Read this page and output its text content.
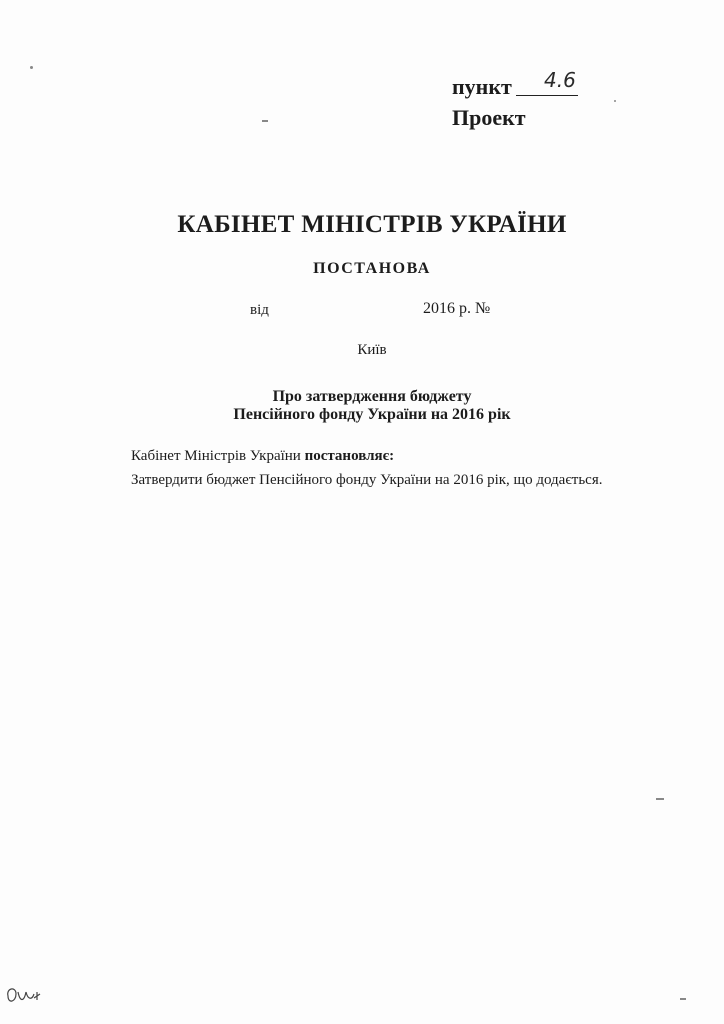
пункт	4.6
Проект
КАБІНЕТ МІНІСТРІВ УКРАЇНИ
ПОСТАНОВА
від	2016 р. №
Київ
Про затвердження бюджету
Пенсійного фонду України на 2016 рік
Кабінет Міністрів України постановляє:
Затвердити бюджет Пенсійного фонду України на 2016 рік, що додається.
